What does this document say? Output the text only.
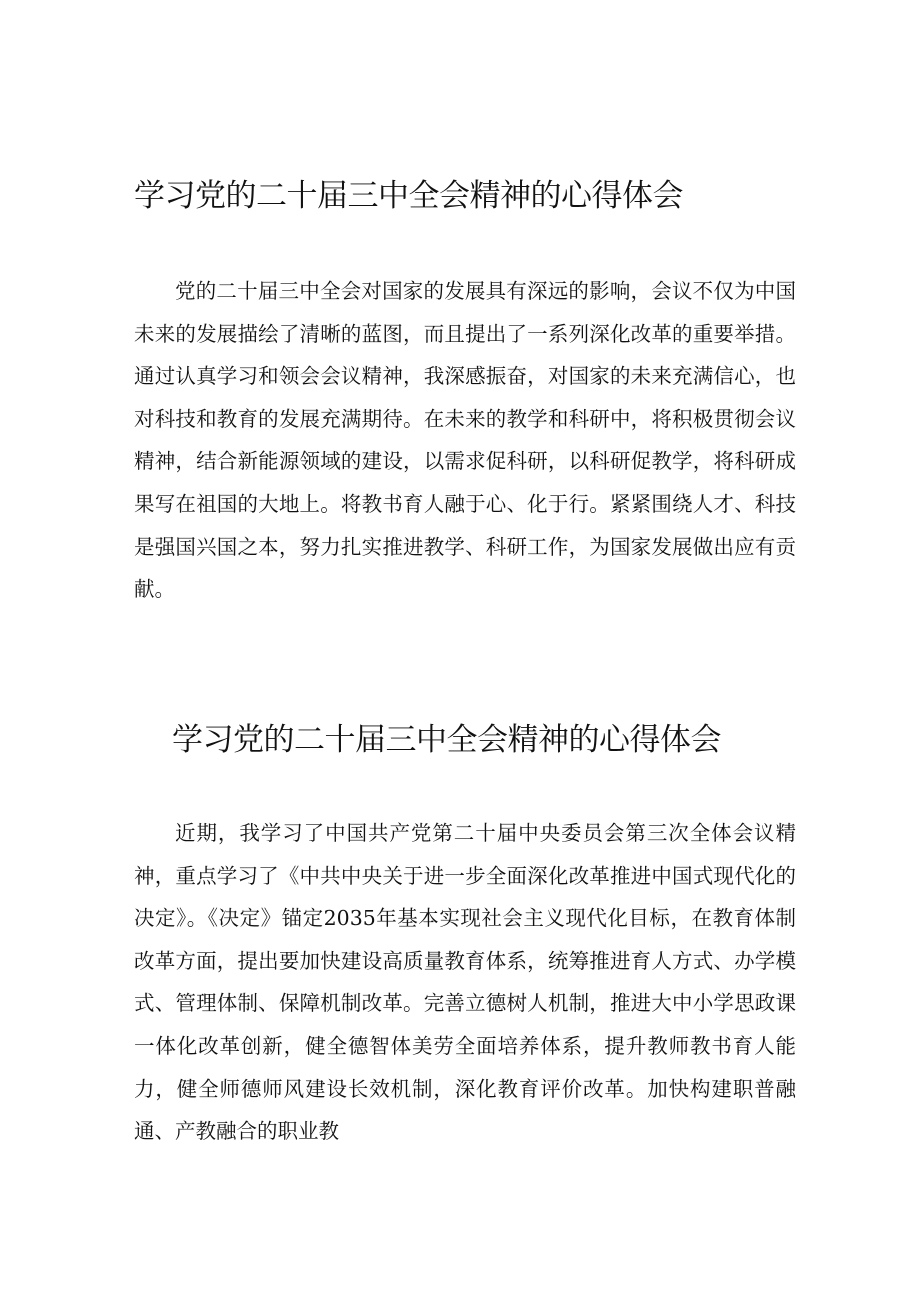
学习党的二十届三中全会精神的心得体会

党的二十届三中全会对国家的发展具有深远的影响，会议不仅为中国未来的发展描绘了清晰的蓝图，而且提出了一系列深化改革的重要举措。通过认真学习和领会会议精神，我深感振奋，对国家的未来充满信心，也对科技和教育的发展充满期待。在未来的教学和科研中，将积极贯彻会议精神，结合新能源领域的建设，以需求促科研，以科研促教学，将科研成果写在祖国的大地上。将教书育人融于心、化于行。紧紧围绕人才、科技是强国兴国之本，努力扎实推进教学、科研工作，为国家发展做出应有贡献。

学习党的二十届三中全会精神的心得体会

近期，我学习了中国共产党第二十届中央委员会第三次全体会议精神，重点学习了《中共中央关于进一步全面深化改革推进中国式现代化的决定》。《决定》锚定2035年基本实现社会主义现代化目标，在教育体制改革方面，提出要加快建设高质量教育体系，统筹推进育人方式、办学模式、管理体制、保障机制改革。完善立德树人机制，推进大中小学思政课一体化改革创新，健全德智体美劳全面培养体系，提升教师教书育人能力，健全师德师风建设长效机制，深化教育评价改革。加快构建职普融通、产教融合的职业教
